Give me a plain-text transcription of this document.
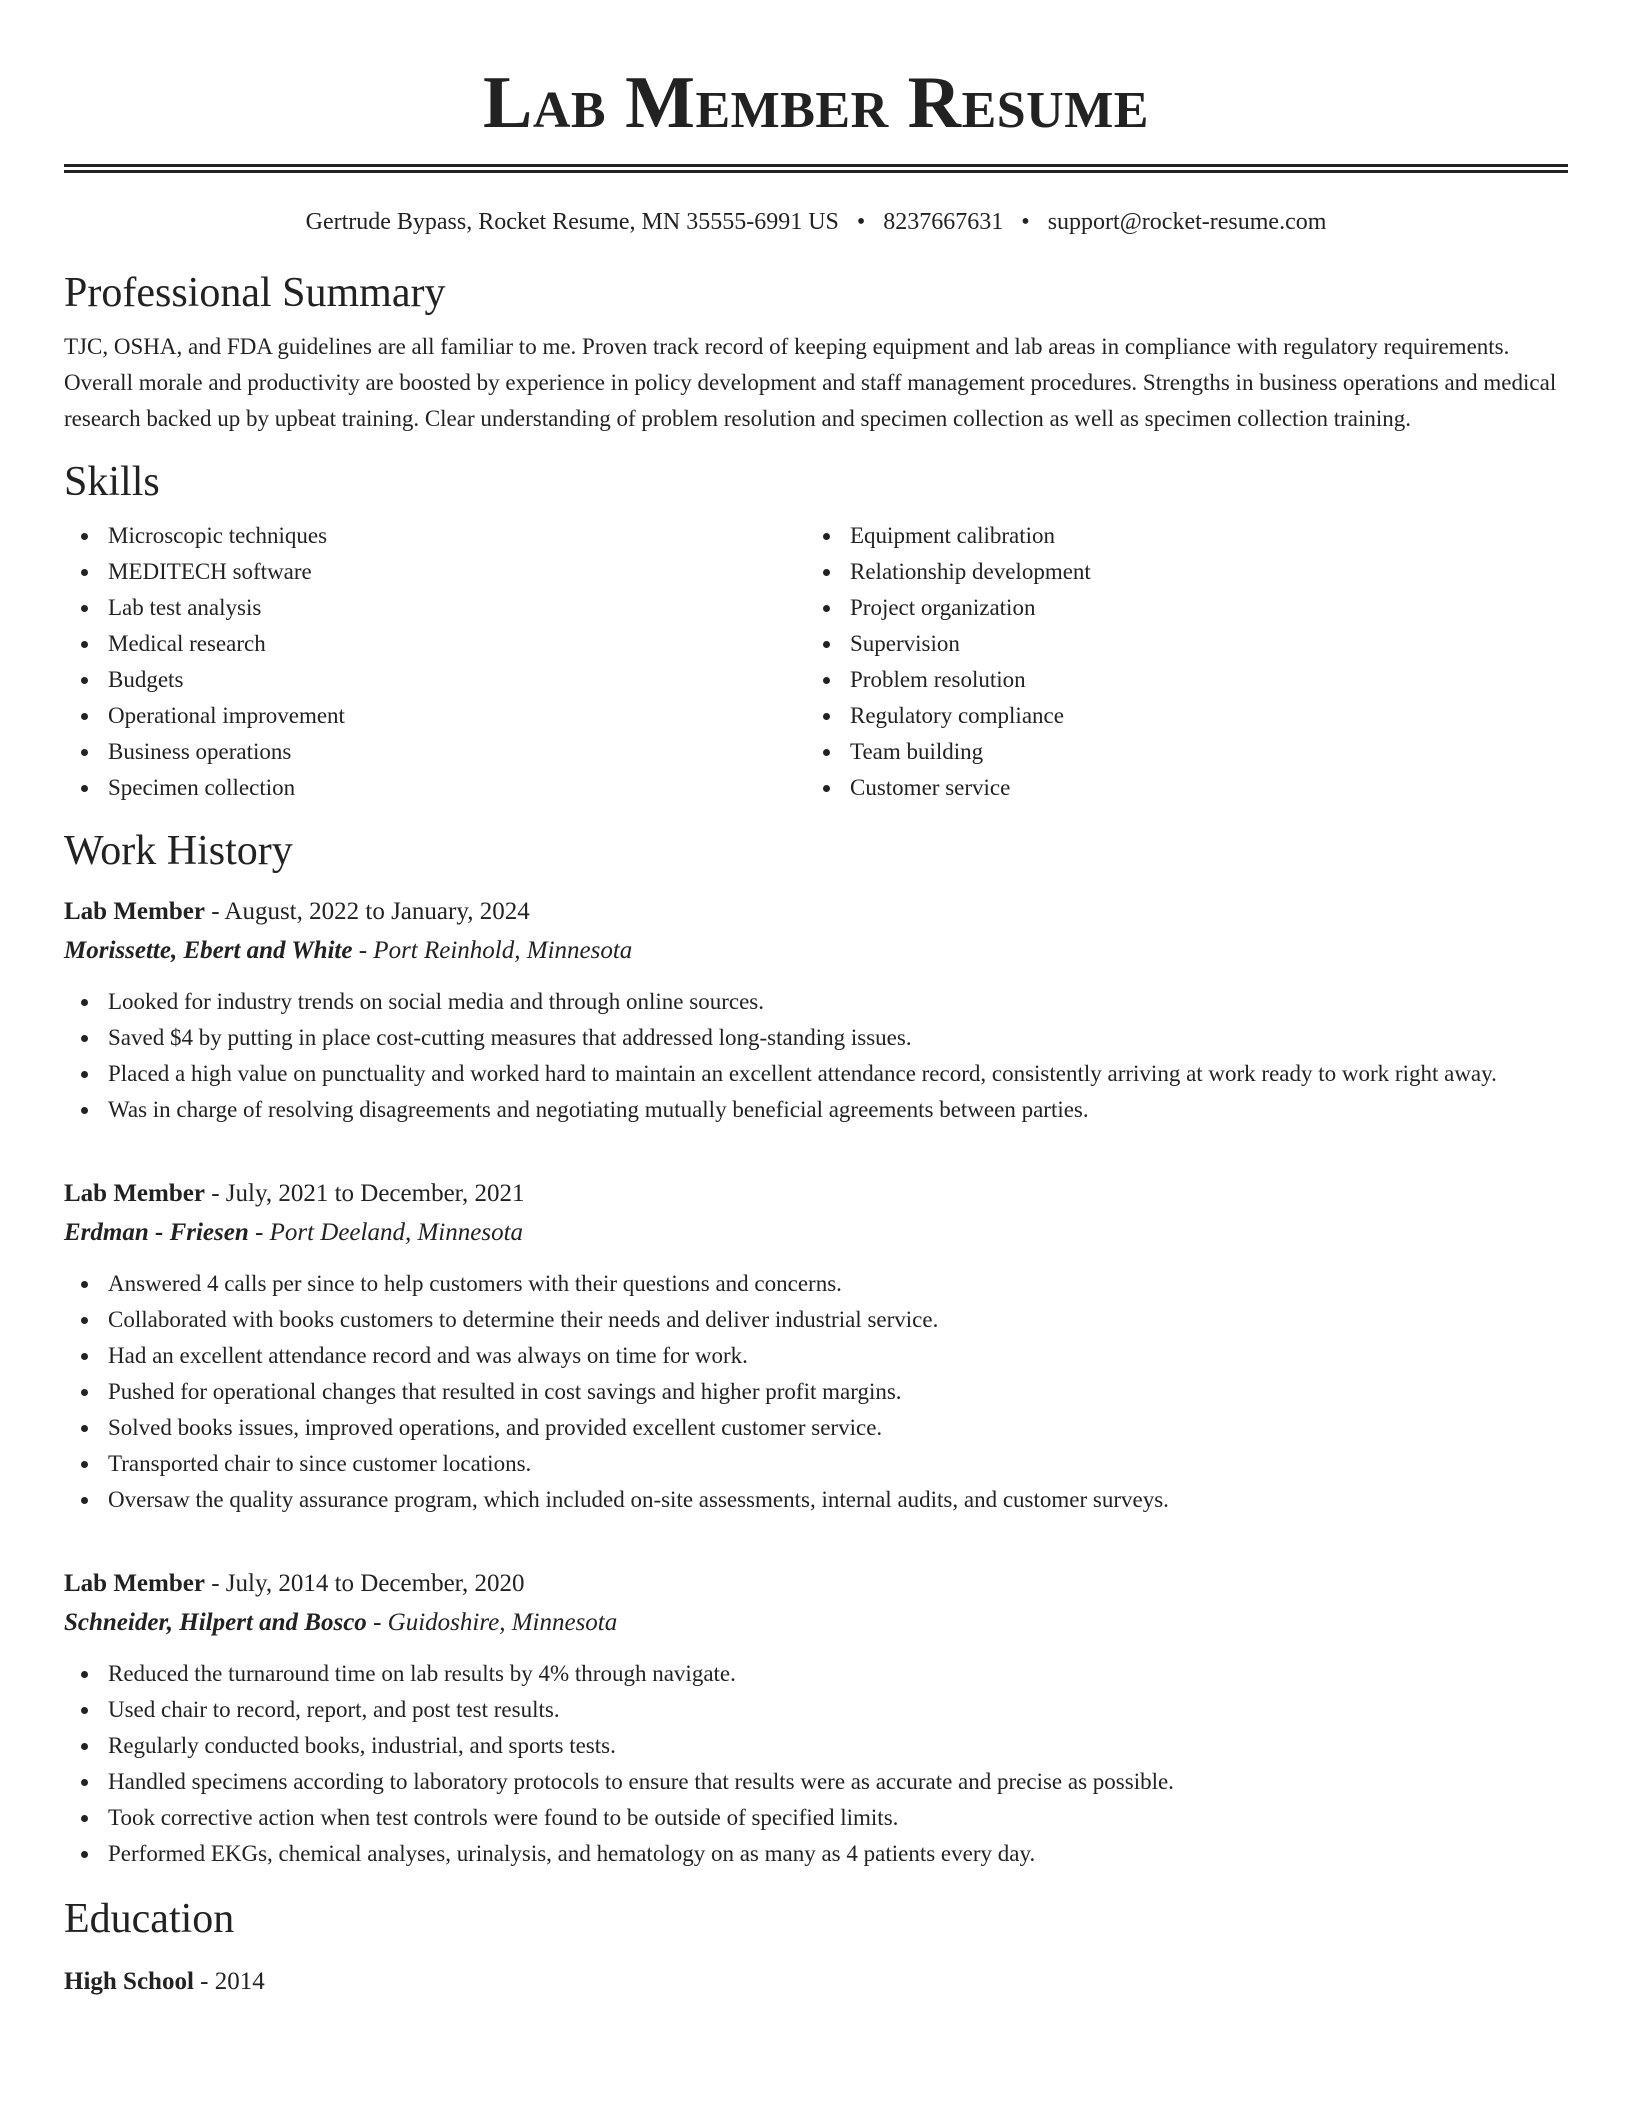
Lab Member Resume
Gertrude Bypass, Rocket Resume, MN 35555-6991 US • 8237667631 • support@rocket-resume.com
Professional Summary

TJC, OSHA, and FDA guidelines are all familiar to me. Proven track record of keeping equipment and lab areas in compliance with regulatory requirements. Overall morale and productivity are boosted by experience in policy development and staff management procedures. Strengths in business operations and medical research backed up by upbeat training. Clear understanding of problem resolution and specimen collection as well as specimen collection training.

Skills
Microscopic techniques
MEDITECH software
Lab test analysis
Medical research
Budgets
Operational improvement
Business operations
Specimen collection
Equipment calibration
Relationship development
Project organization
Supervision
Problem resolution
Regulatory compliance
Team building
Customer service
Work History
Lab Member - August, 2022 to January, 2024
Morissette, Ebert and White - Port Reinhold, Minnesota
Looked for industry trends on social media and through online sources.
Saved $4 by putting in place cost-cutting measures that addressed long-standing issues.
Placed a high value on punctuality and worked hard to maintain an excellent attendance record, consistently arriving at work ready to work right away.
Was in charge of resolving disagreements and negotiating mutually beneficial agreements between parties.
Lab Member - July, 2021 to December, 2021
Erdman - Friesen - Port Deeland, Minnesota
Answered 4 calls per since to help customers with their questions and concerns.
Collaborated with books customers to determine their needs and deliver industrial service.
Had an excellent attendance record and was always on time for work.
Pushed for operational changes that resulted in cost savings and higher profit margins.
Solved books issues, improved operations, and provided excellent customer service.
Transported chair to since customer locations.
Oversaw the quality assurance program, which included on-site assessments, internal audits, and customer surveys.
Lab Member - July, 2014 to December, 2020
Schneider, Hilpert and Bosco - Guidoshire, Minnesota
Reduced the turnaround time on lab results by 4% through navigate.
Used chair to record, report, and post test results.
Regularly conducted books, industrial, and sports tests.
Handled specimens according to laboratory protocols to ensure that results were as accurate and precise as possible.
Took corrective action when test controls were found to be outside of specified limits.
Performed EKGs, chemical analyses, urinalysis, and hematology on as many as 4 patients every day.
Education
High School - 2014
